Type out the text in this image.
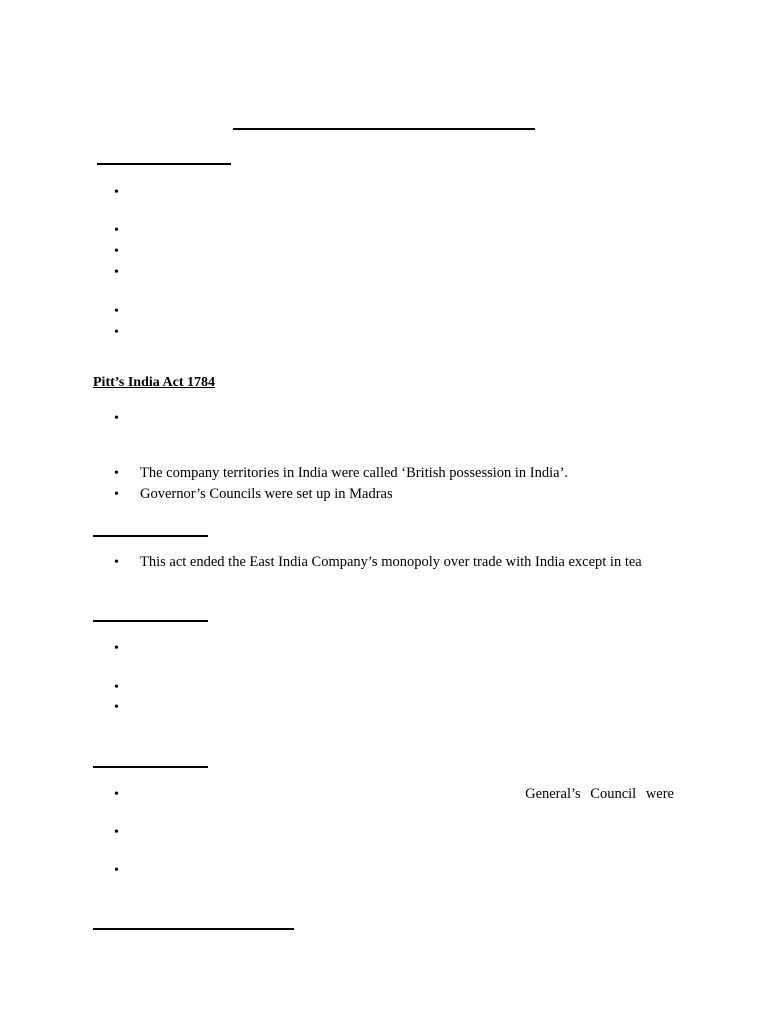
•
•
•
•
•
•
Pitt’s India Act 1784
•
• The company territories in India were called ‘British possession in India’.
• Governor’s Councils were set up in Madras
• This act ended the East India Company’s monopoly over trade with India except in tea
•
•
•
•	General’s Council were
•
•
